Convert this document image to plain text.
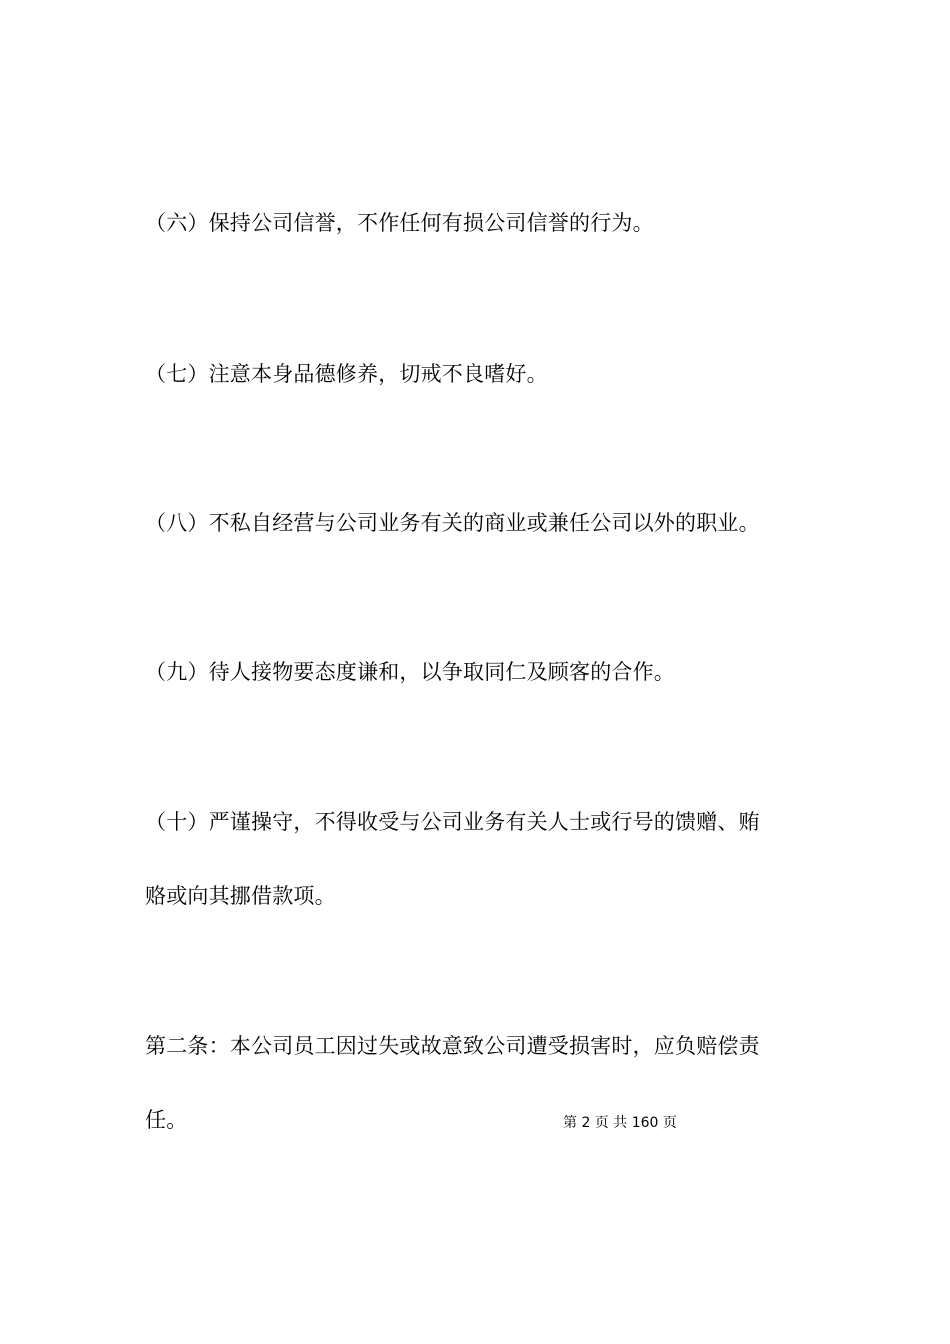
（六）保持公司信誉，不作任何有损公司信誉的行为。

（七）注意本身品德修养，切戒不良嗜好。

（八）不私自经营与公司业务有关的商业或兼任公司以外的职业。

（九）待人接物要态度谦和，以争取同仁及顾客的合作。

（十）严谨操守，不得收受与公司业务有关人士或行号的馈赠、贿
赂或向其挪借款项。

第二条：本公司员工因过失或故意致公司遭受损害时，应负赔偿责
任。	第 2 页 共 160 页
